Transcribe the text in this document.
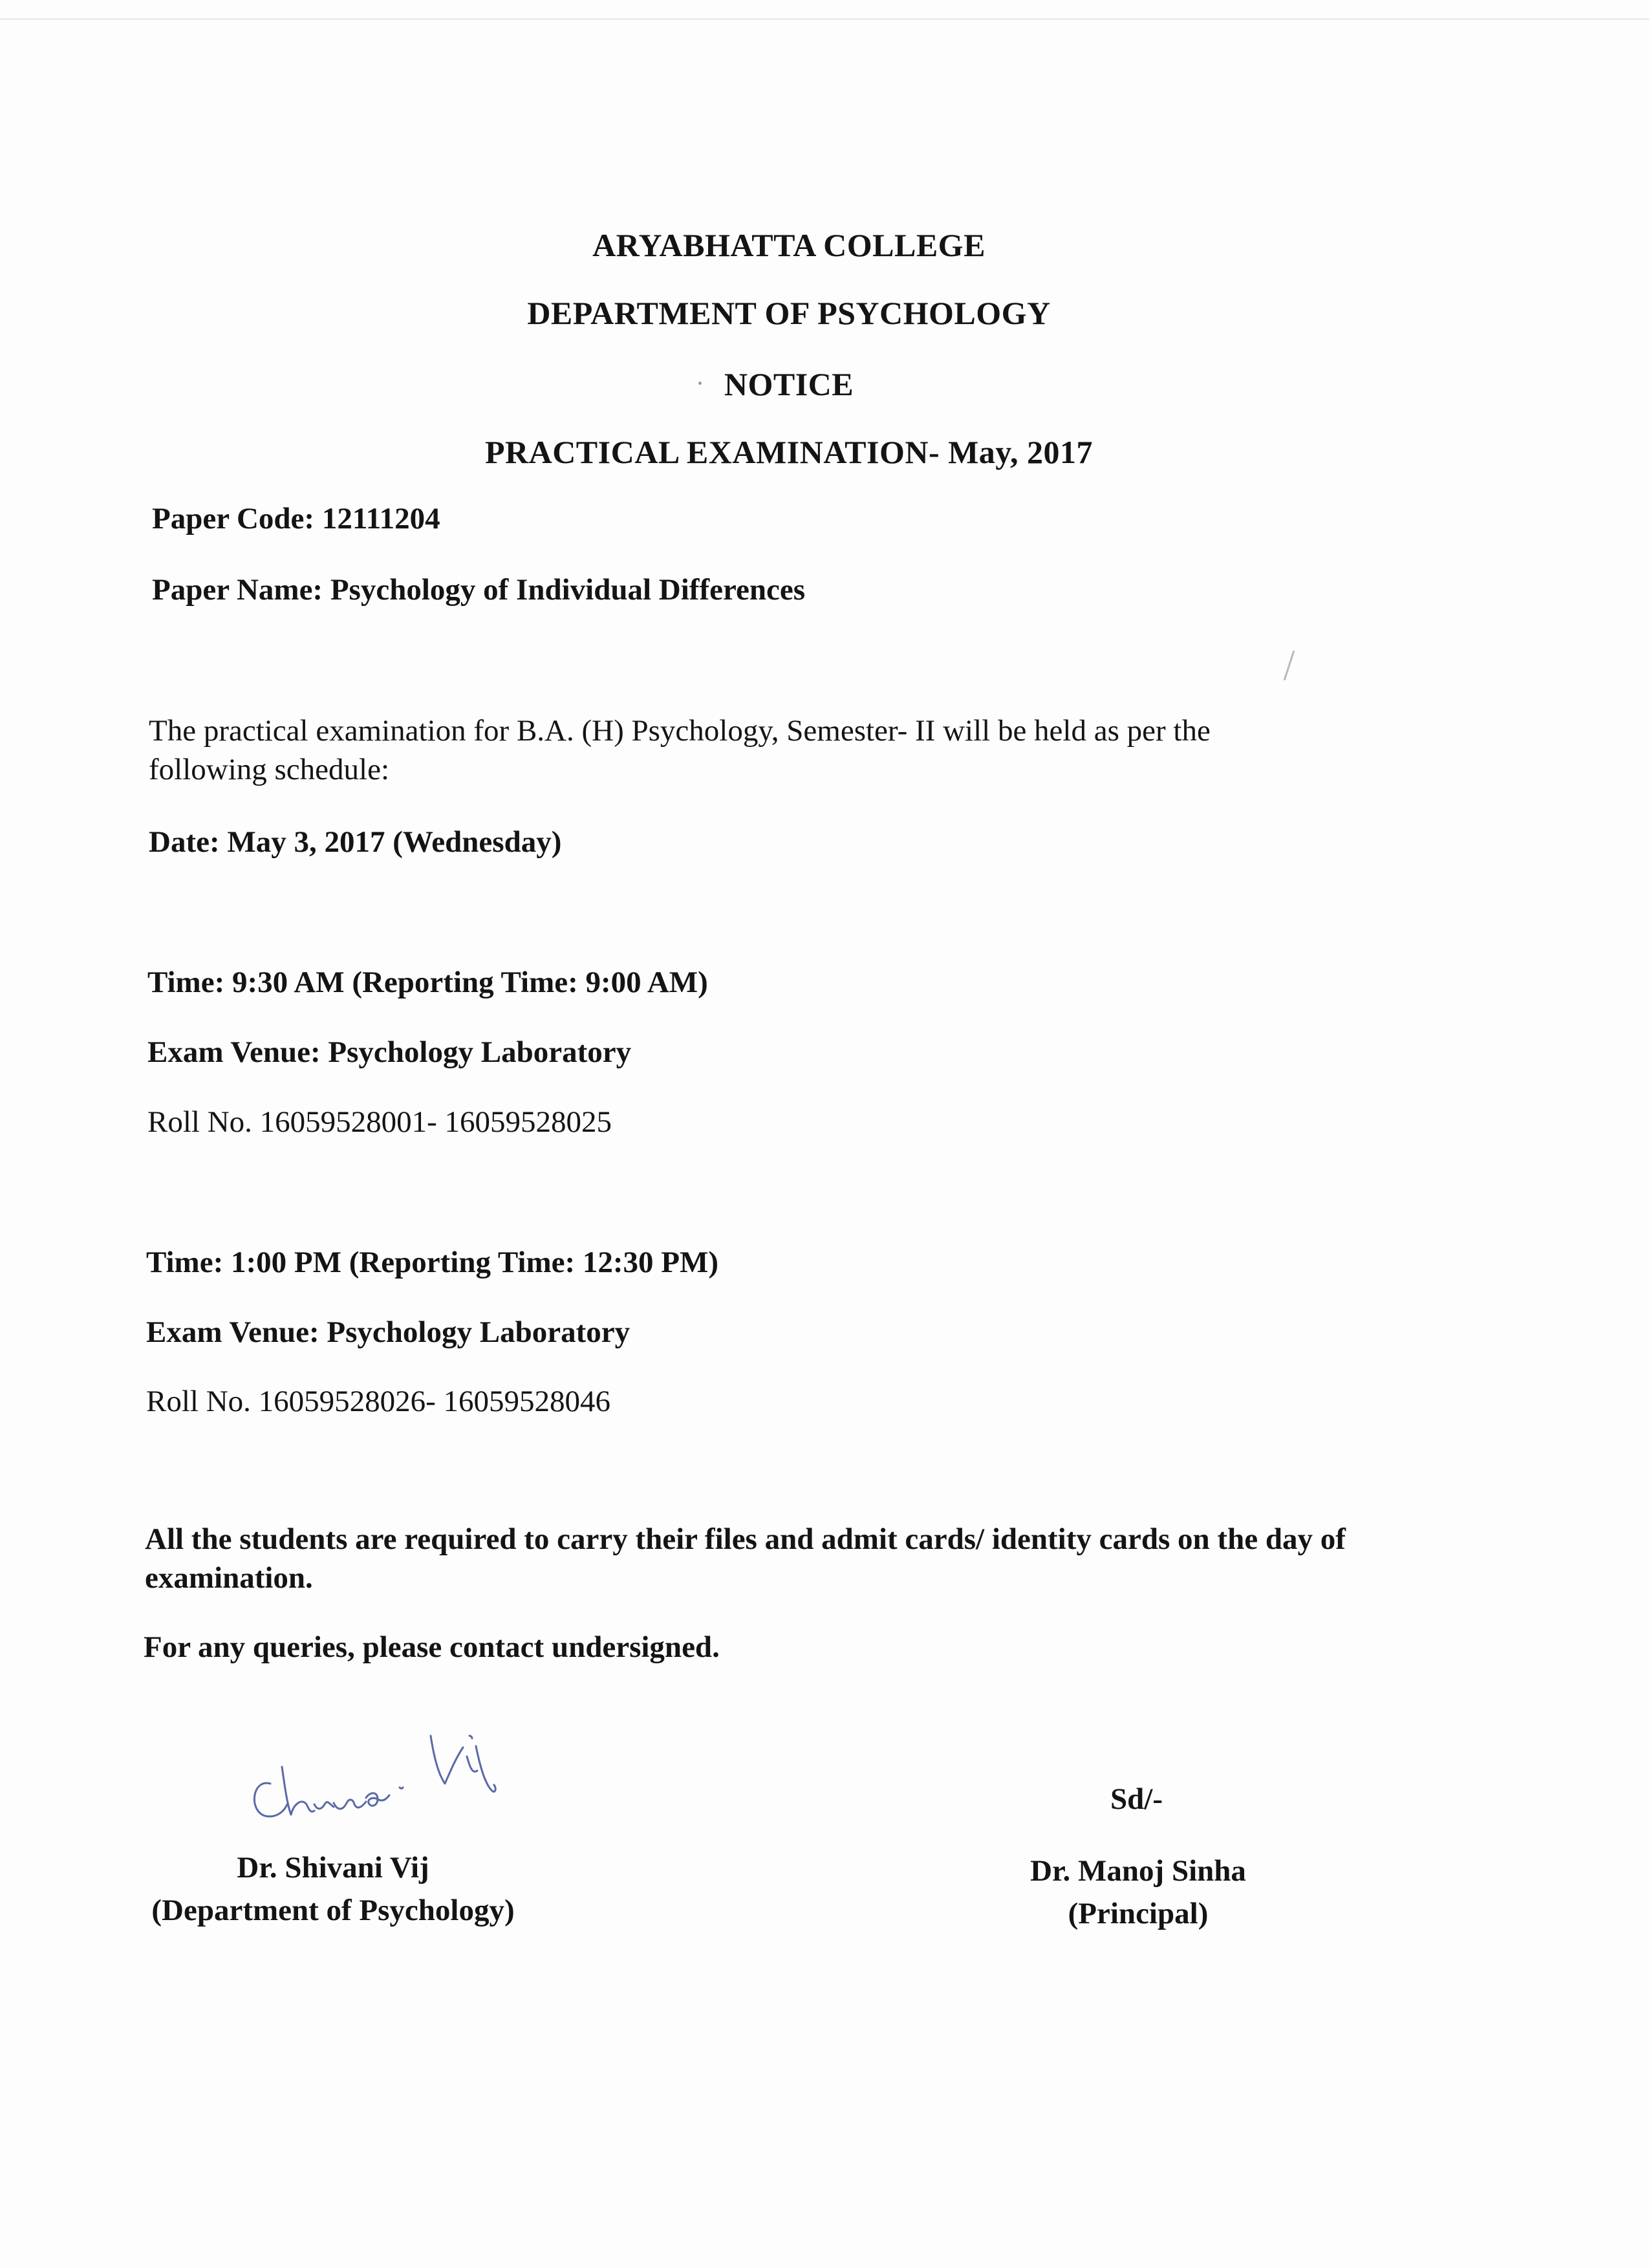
ARYABHATTA COLLEGE
DEPARTMENT OF PSYCHOLOGY
NOTICE
PRACTICAL EXAMINATION- May, 2017
Paper Code: 12111204
Paper Name: Psychology of Individual Differences
The practical examination for B.A. (H) Psychology, Semester- II will be held as per the following schedule:
Date: May 3, 2017 (Wednesday)
Time: 9:30 AM (Reporting Time: 9:00 AM)
Exam Venue: Psychology Laboratory
Roll No. 16059528001- 16059528025
Time: 1:00 PM (Reporting Time: 12:30 PM)
Exam Venue: Psychology Laboratory
Roll No. 16059528026- 16059528046
All the students are required to carry their files and admit cards/ identity cards on the day of examination.
For any queries, please contact undersigned.
Dr. Shivani Vij
(Department of Psychology)
Sd/-
Dr. Manoj Sinha
(Principal)
